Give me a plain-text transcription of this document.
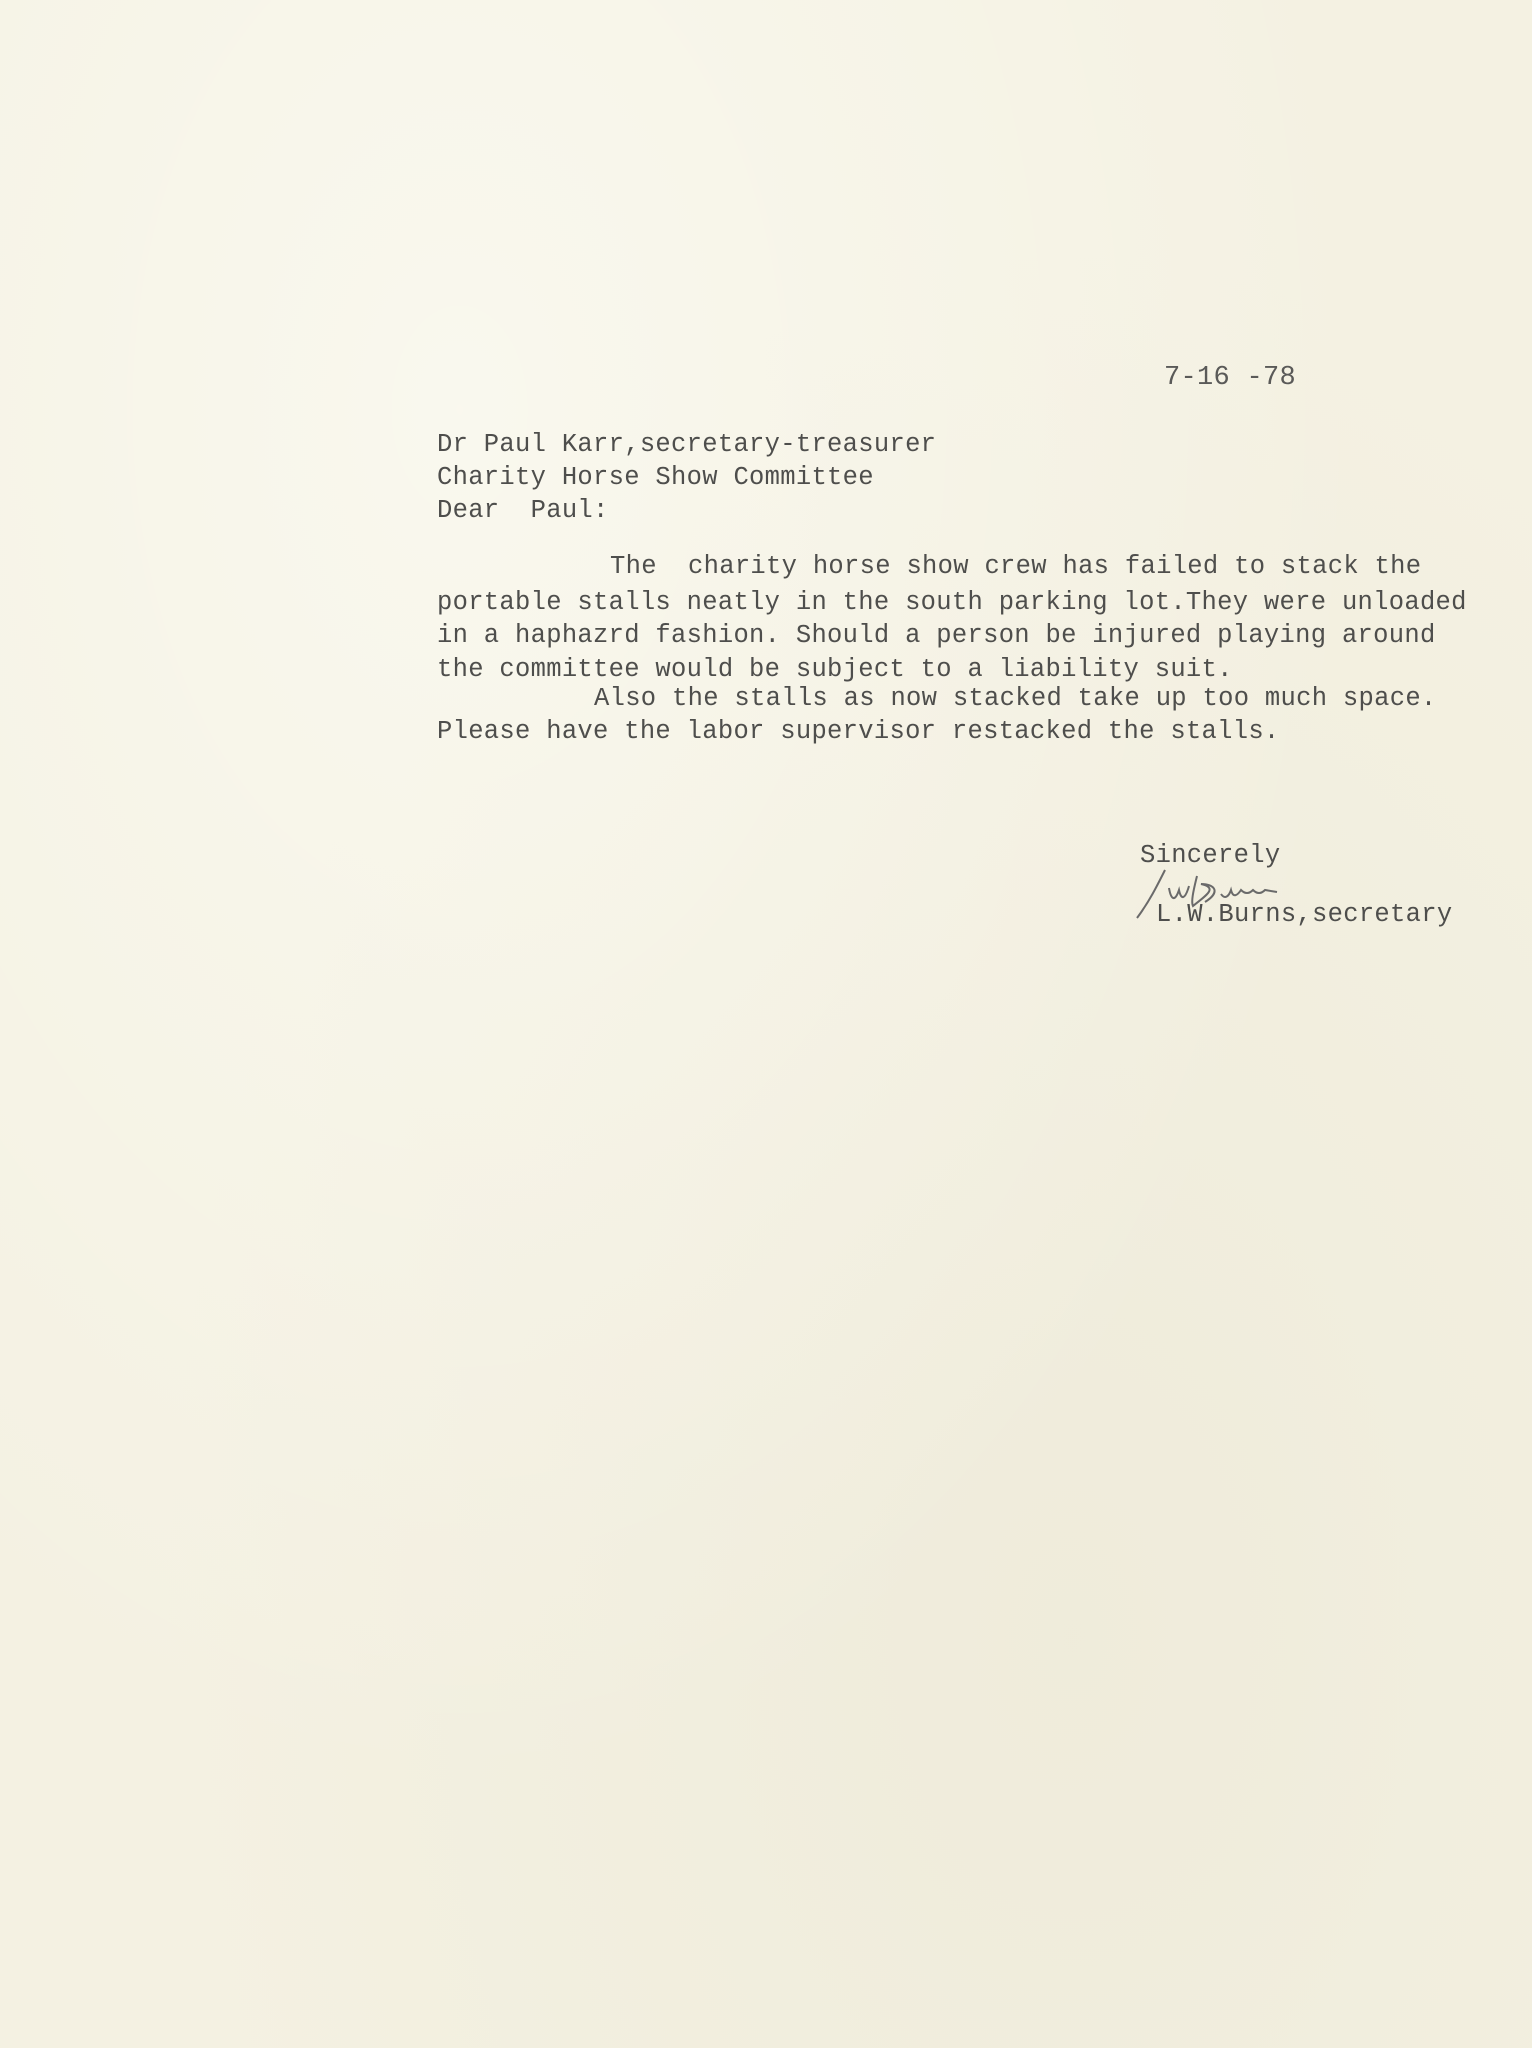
7-16 -78
Dr Paul Karr,secretary-treasurer
Charity Horse Show Committee
Dear  Paul:
The  charity horse show crew has failed to stack the
portable stalls neatly in the south parking lot.They were unloaded
in a haphazrd fashion. Should a person be injured playing around
the committee would be subject to a liability suit.
Also the stalls as now stacked take up too much space.
Please have the labor supervisor restacked the stalls.
Sincerely
L.W.Burns,secretary
